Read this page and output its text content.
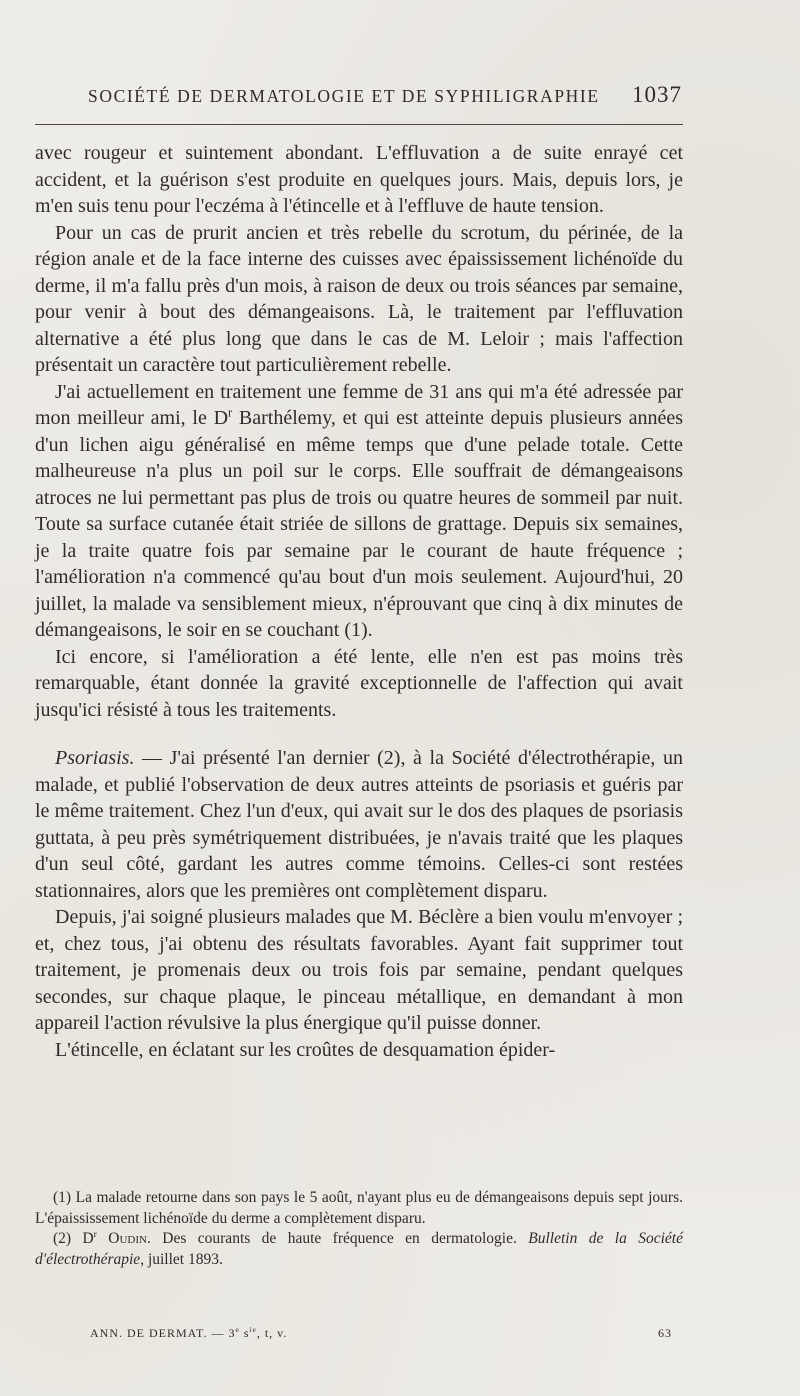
SOCIÉTÉ DE DERMATOLOGIE ET DE SYPHILIGRAPHIE 1037

avec rougeur et suintement abondant. L'effluvation a de suite enrayé cet accident, et la guérison s'est produite en quelques jours. Mais, depuis lors, je m'en suis tenu pour l'eczéma à l'étincelle et à l'effluve de haute tension.

Pour un cas de prurit ancien et très rebelle du scrotum, du périnée, de la région anale et de la face interne des cuisses avec épaississement lichénoïde du derme, il m'a fallu près d'un mois, à raison de deux ou trois séances par semaine, pour venir à bout des démangeaisons. Là, le traitement par l'effluvation alternative a été plus long que dans le cas de M. Leloir ; mais l'affection présentait un caractère tout particulièrement rebelle.

J'ai actuellement en traitement une femme de 31 ans qui m'a été adressée par mon meilleur ami, le $D^r$ Barthélemy, et qui est atteinte depuis plusieurs années d'un lichen aigu généralisé en même temps que d'une pelade totale. Cette malheureuse n'a plus un poil sur le corps. Elle souffrait de démangeaisons atroces ne lui permettant pas plus de trois ou quatre heures de sommeil par nuit. Toute sa surface cutanée était striée de sillons de grattage. Depuis six semaines, je la traite quatre fois par semaine par le courant de haute fréquence ; l'amélioration n'a commencé qu'au bout d'un mois seulement. Aujourd'hui, 20 juillet, la malade va sensiblement mieux, n'éprouvant que cinq à dix minutes de démangeaisons, le soir en se couchant (1).

Ici encore, si l'amélioration a été lente, elle n'en est pas moins très remarquable, étant donnée la gravité exceptionnelle de l'affection qui avait jusqu'ici résisté à tous les traitements.

Psoriasis. — J'ai présenté l'an dernier (2), à la Société d'électrothérapie, un malade, et publié l'observation de deux autres atteints de psoriasis et guéris par le même traitement. Chez l'un d'eux, qui avait sur le dos des plaques de psoriasis guttata, à peu près symétriquement distribuées, je n'avais traité que les plaques d'un seul côté, gardant les autres comme témoins. Celles-ci sont restées stationnaires, alors que les premières ont complètement disparu.

Depuis, j'ai soigné plusieurs malades que M. Béclère a bien voulu m'envoyer ; et, chez tous, j'ai obtenu des résultats favorables. Ayant fait supprimer tout traitement, je promenais deux ou trois fois par semaine, pendant quelques secondes, sur chaque plaque, le pinceau métallique, en demandant à mon appareil l'action révulsive la plus énergique qu'il puisse donner.

L'étincelle, en éclatant sur les croûtes de desquamation épider-

(1) La malade retourne dans son pays le 5 août, n'ayant plus eu de démangeaisons depuis sept jours. L'épaississement lichénoïde du derme a complètement disparu.

(2) $D^r$ Oudin. Des courants de haute fréquence en dermatologie. Bulletin de la Société d'électrothérapie, juillet 1893.

ANN. DE DERMAT. — 3e $s^{ie}$, t, v.	63
